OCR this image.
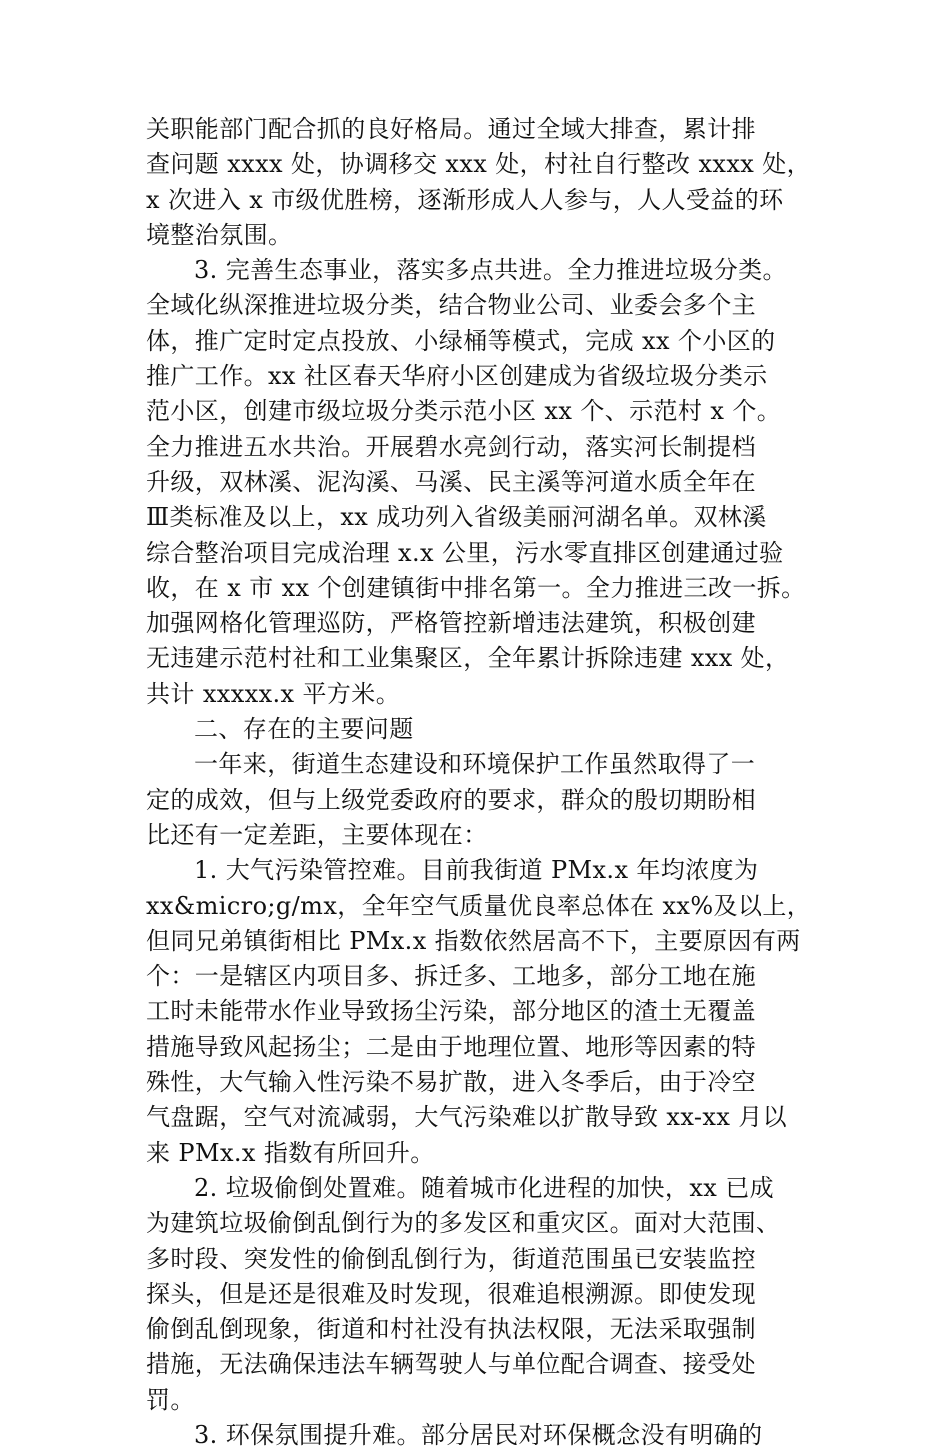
关职能部门配合抓的良好格局。通过全域大排查，累计排
查问题 xxxx 处，协调移交 xxx 处，村社自行整改 xxxx 处，
x 次进入 x 市级优胜榜，逐渐形成人人参与，人人受益的环
境整治氛围。
3. 完善生态事业，落实多点共进。全力推进垃圾分类。
全域化纵深推进垃圾分类，结合物业公司、业委会多个主
体，推广定时定点投放、小绿桶等模式，完成 xx 个小区的
推广工作。xx 社区春天华府小区创建成为省级垃圾分类示
范小区，创建市级垃圾分类示范小区 xx 个、示范村 x 个。
全力推进五水共治。开展碧水亮剑行动，落实河长制提档
升级，双林溪、泥沟溪、马溪、民主溪等河道水质全年在
Ⅲ类标准及以上，xx 成功列入省级美丽河湖名单。双林溪
综合整治项目完成治理 x.x 公里，污水零直排区创建通过验
收，在 x 市 xx 个创建镇街中排名第一。全力推进三改一拆。
加强网格化管理巡防，严格管控新增违法建筑，积极创建
无违建示范村社和工业集聚区，全年累计拆除违建 xxx 处，
共计 xxxxx.x 平方米。
二、存在的主要问题
一年来，街道生态建设和环境保护工作虽然取得了一
定的成效，但与上级党委政府的要求，群众的殷切期盼相
比还有一定差距，主要体现在：
1. 大气污染管控难。目前我街道 PMx.x 年均浓度为
xx&micro;g/mx，全年空气质量优良率总体在 xx%及以上，
但同兄弟镇街相比 PMx.x 指数依然居高不下，主要原因有两
个：一是辖区内项目多、拆迁多、工地多，部分工地在施
工时未能带水作业导致扬尘污染，部分地区的渣土无覆盖
措施导致风起扬尘；二是由于地理位置、地形等因素的特
殊性，大气输入性污染不易扩散，进入冬季后，由于冷空
气盘踞，空气对流减弱，大气污染难以扩散导致 xx-xx 月以
来 PMx.x 指数有所回升。
2. 垃圾偷倒处置难。随着城市化进程的加快，xx 已成
为建筑垃圾偷倒乱倒行为的多发区和重灾区。面对大范围、
多时段、突发性的偷倒乱倒行为，街道范围虽已安装监控
探头，但是还是很难及时发现，很难追根溯源。即使发现
偷倒乱倒现象，街道和村社没有执法权限，无法采取强制
措施，无法确保违法车辆驾驶人与单位配合调查、接受处
罚。
3. 环保氛围提升难。部分居民对环保概念没有明确的
